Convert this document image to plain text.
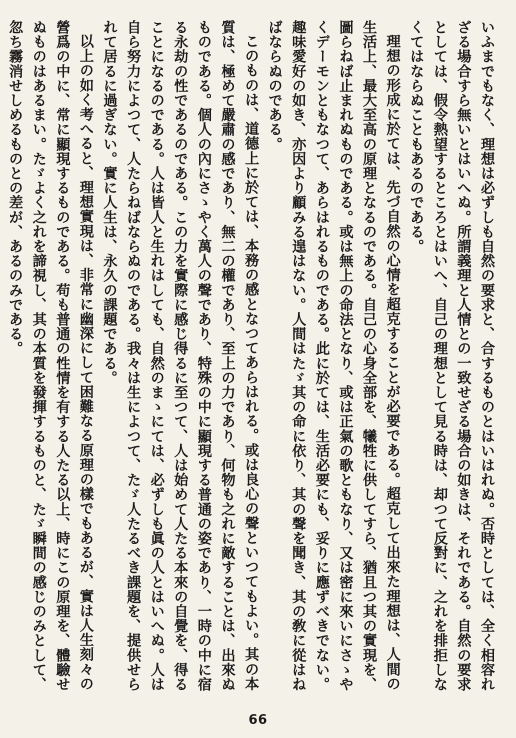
いふまでもなく、理想は必ずしも自然の要求と、合するものとはいはれぬ。否時としては、全く相容れざる場合すら無いとはいへぬ。所謂義理と人情との一致せざる場合の如きは、それである。自然の要求としては、假令熱望するところとはいへ、自己の理想として見る時は、却つて反對に、之れを排拒しなくてはならぬこともあるのである。

理想の形成に於ては、先づ自然の心情を超克することが必要である。超克して出來た理想は、人間の生活上、最大至高の原理となるのである。自己の心身全部を、犧牲に供してすら、猶且つ其の實現を、圖らねば止まれぬものである。或は無上の命法となり、或は正氣の歌ともなり、又は密に來いにさゝやくデーモンともなつて、あらはれるものである。此に於ては、生活必要にも、妥りに應ずべきでない。趣味愛好の如き、亦因より顧みる遑はない。人間はたゞ其の命に依り、其の聲を聞き、其の敎に從はねばならぬのである。

このものは、道德上に於ては、本務の感となつてあらはれる。或は良心の聲といつてもよい。其の本質は、極めて嚴肅の感であり、無二の權であり、至上の力であり、何物も之れに敵することは、出來ぬものである。個人の內にさゝやく萬人の聲であり、特殊の中に顯現する普通の姿であり、一時の中に宿る永劫の性であるのである。この力を實際に感じ得るに至つて、人は始めて人たる本來の自覺を、得ることになるのである。人は皆人と生れはしても、自然のまゝにては、必ずしも眞の人とはいへぬ。人は自ら努力によつて、人たらねばならぬのである。我々は生によつて、たゞ人たるべき課題を、提供せられて居るに過ぎない。實に人生は、永久の課題である。

以上の如く考へると、理想實現は、非常に幽深にして困難なる原理の樣でもあるが、實は人生刻々の營爲の中に、常に顯現するものである。苟も普通の性情を有する人たる以上、時にこの原理を、體驗せぬものはあるまい。たゞよく之れを諦視し、其の本質を發揮するものと、たゞ瞬間の感じのみとして、忽ち霧消せしめるものとの差が、あるのみである。

66
